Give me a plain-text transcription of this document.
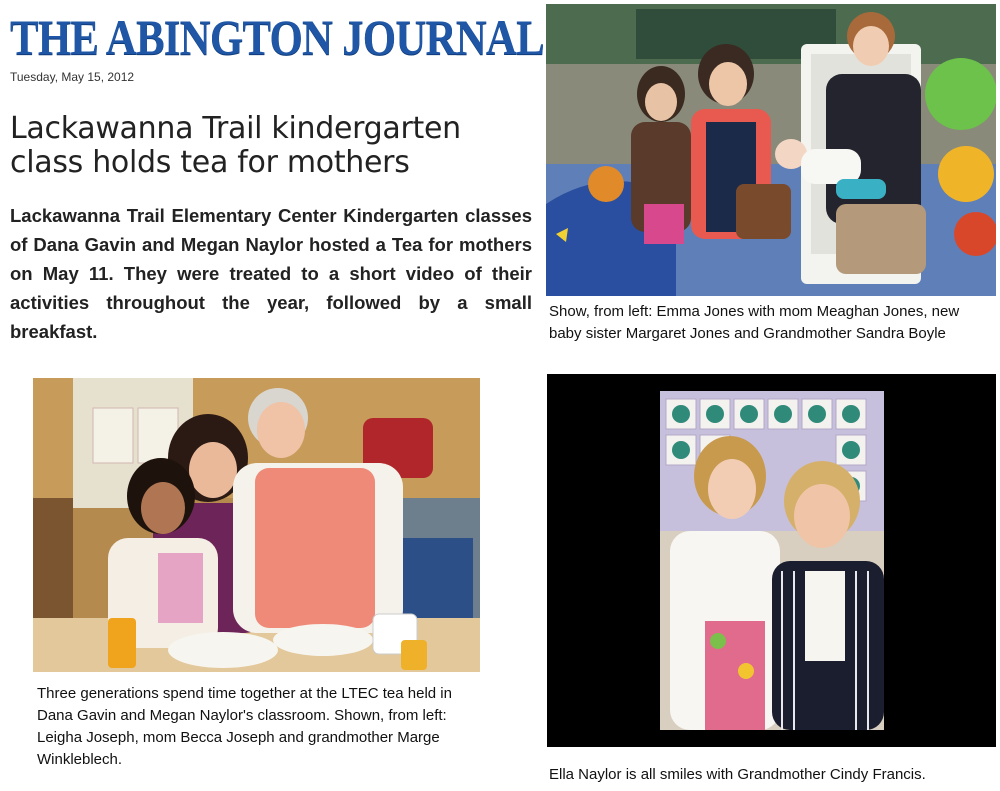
THE ABINGTON JOURNAL
Tuesday, May 15, 2012
Lackawanna Trail kindergarten class holds tea for mothers
Lackawanna Trail Elementary Center Kindergarten classes of Dana Gavin and Megan Naylor hosted a Tea for mothers on May 11. They were treated to a short video of their activities throughout the year, followed by a small breakfast.
Show, from left: Emma Jones with mom Meaghan Jones, new baby sister Margaret Jones and Grandmother Sandra Boyle
Three generations spend time together at the LTEC tea held in Dana Gavin and Megan Naylor's classroom. Shown, from left: Leigha Joseph, mom Becca Joseph and grandmother Marge Winkleblech.
Ella Naylor is all smiles with Grandmother Cindy Francis.
